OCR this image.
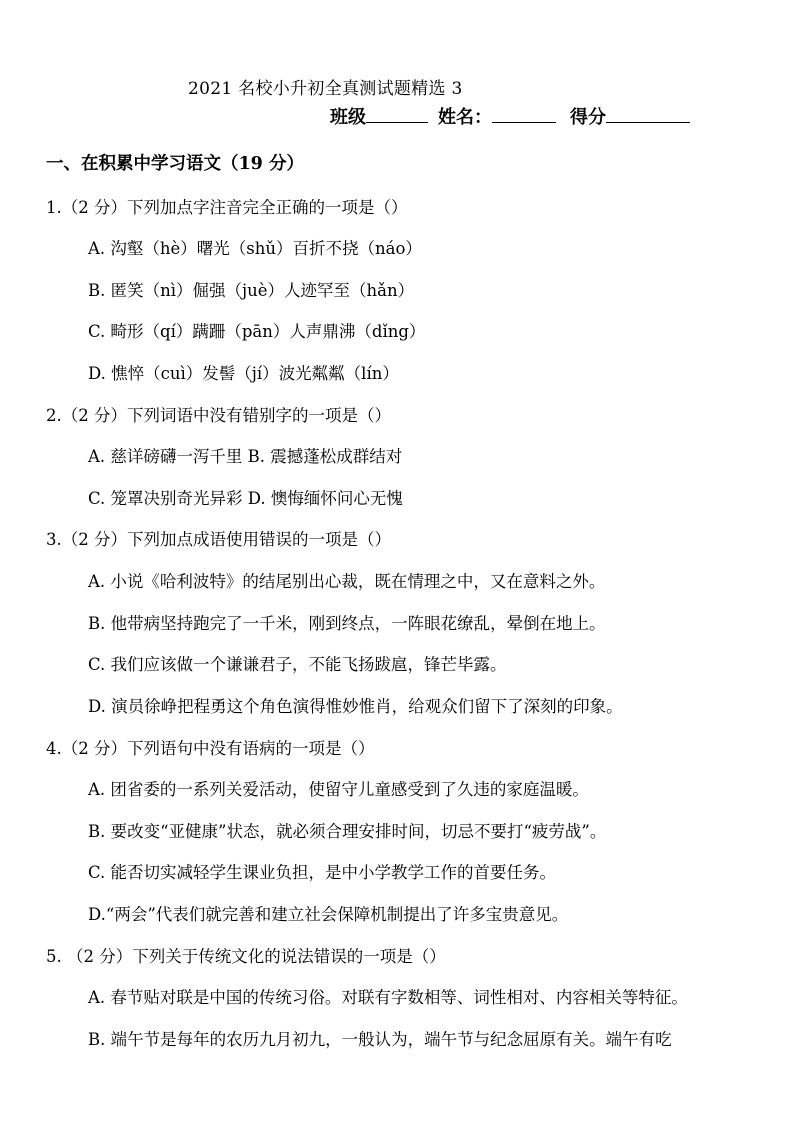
2021 名校小升初全真测试题精选 3
班级	姓名：	得分
一、在积累中学习语文（19 分）
1.（2 分）下列加点字注音完全正确的一项是（）
A. 沟壑（hè）曙光（shǔ）百折不挠（náo）
B. 匿笑（nì）倔强（juè）人迹罕至（hǎn）
C. 畸形（qí）蹒跚（pān）人声鼎沸（dǐng）
D. 憔悴（cuì）发髻（jí）波光粼粼（lín）
2.（2 分）下列词语中没有错别字的一项是（）
A. 慈详磅礴一泻千里 B. 震撼蓬松成群结对
C. 笼罩决别奇光异彩 D. 懊悔缅怀问心无愧
3.（2 分）下列加点成语使用错误的一项是（）
A. 小说《哈利波特》的结尾别出心裁，既在情理之中，又在意料之外。
B. 他带病坚持跑完了一千米，刚到终点，一阵眼花缭乱，晕倒在地上。
C. 我们应该做一个谦谦君子，不能飞扬跋扈，锋芒毕露。
D. 演员徐峥把程勇这个角色演得惟妙惟肖，给观众们留下了深刻的印象。
4.（2 分）下列语句中没有语病的一项是（）
A. 团省委的一系列关爱活动，使留守儿童感受到了久违的家庭温暖。
B. 要改变“亚健康”状态，就必须合理安排时间，切忌不要打“疲劳战”。
C. 能否切实减轻学生课业负担，是中小学教学工作的首要任务。
D.“两会”代表们就完善和建立社会保障机制提出了许多宝贵意见。
5. （2 分）下列关于传统文化的说法错误的一项是（）
A. 春节贴对联是中国的传统习俗。对联有字数相等、词性相对、内容相关等特征。
B. 端午节是每年的农历九月初九，一般认为，端午节与纪念屈原有关。端午有吃
